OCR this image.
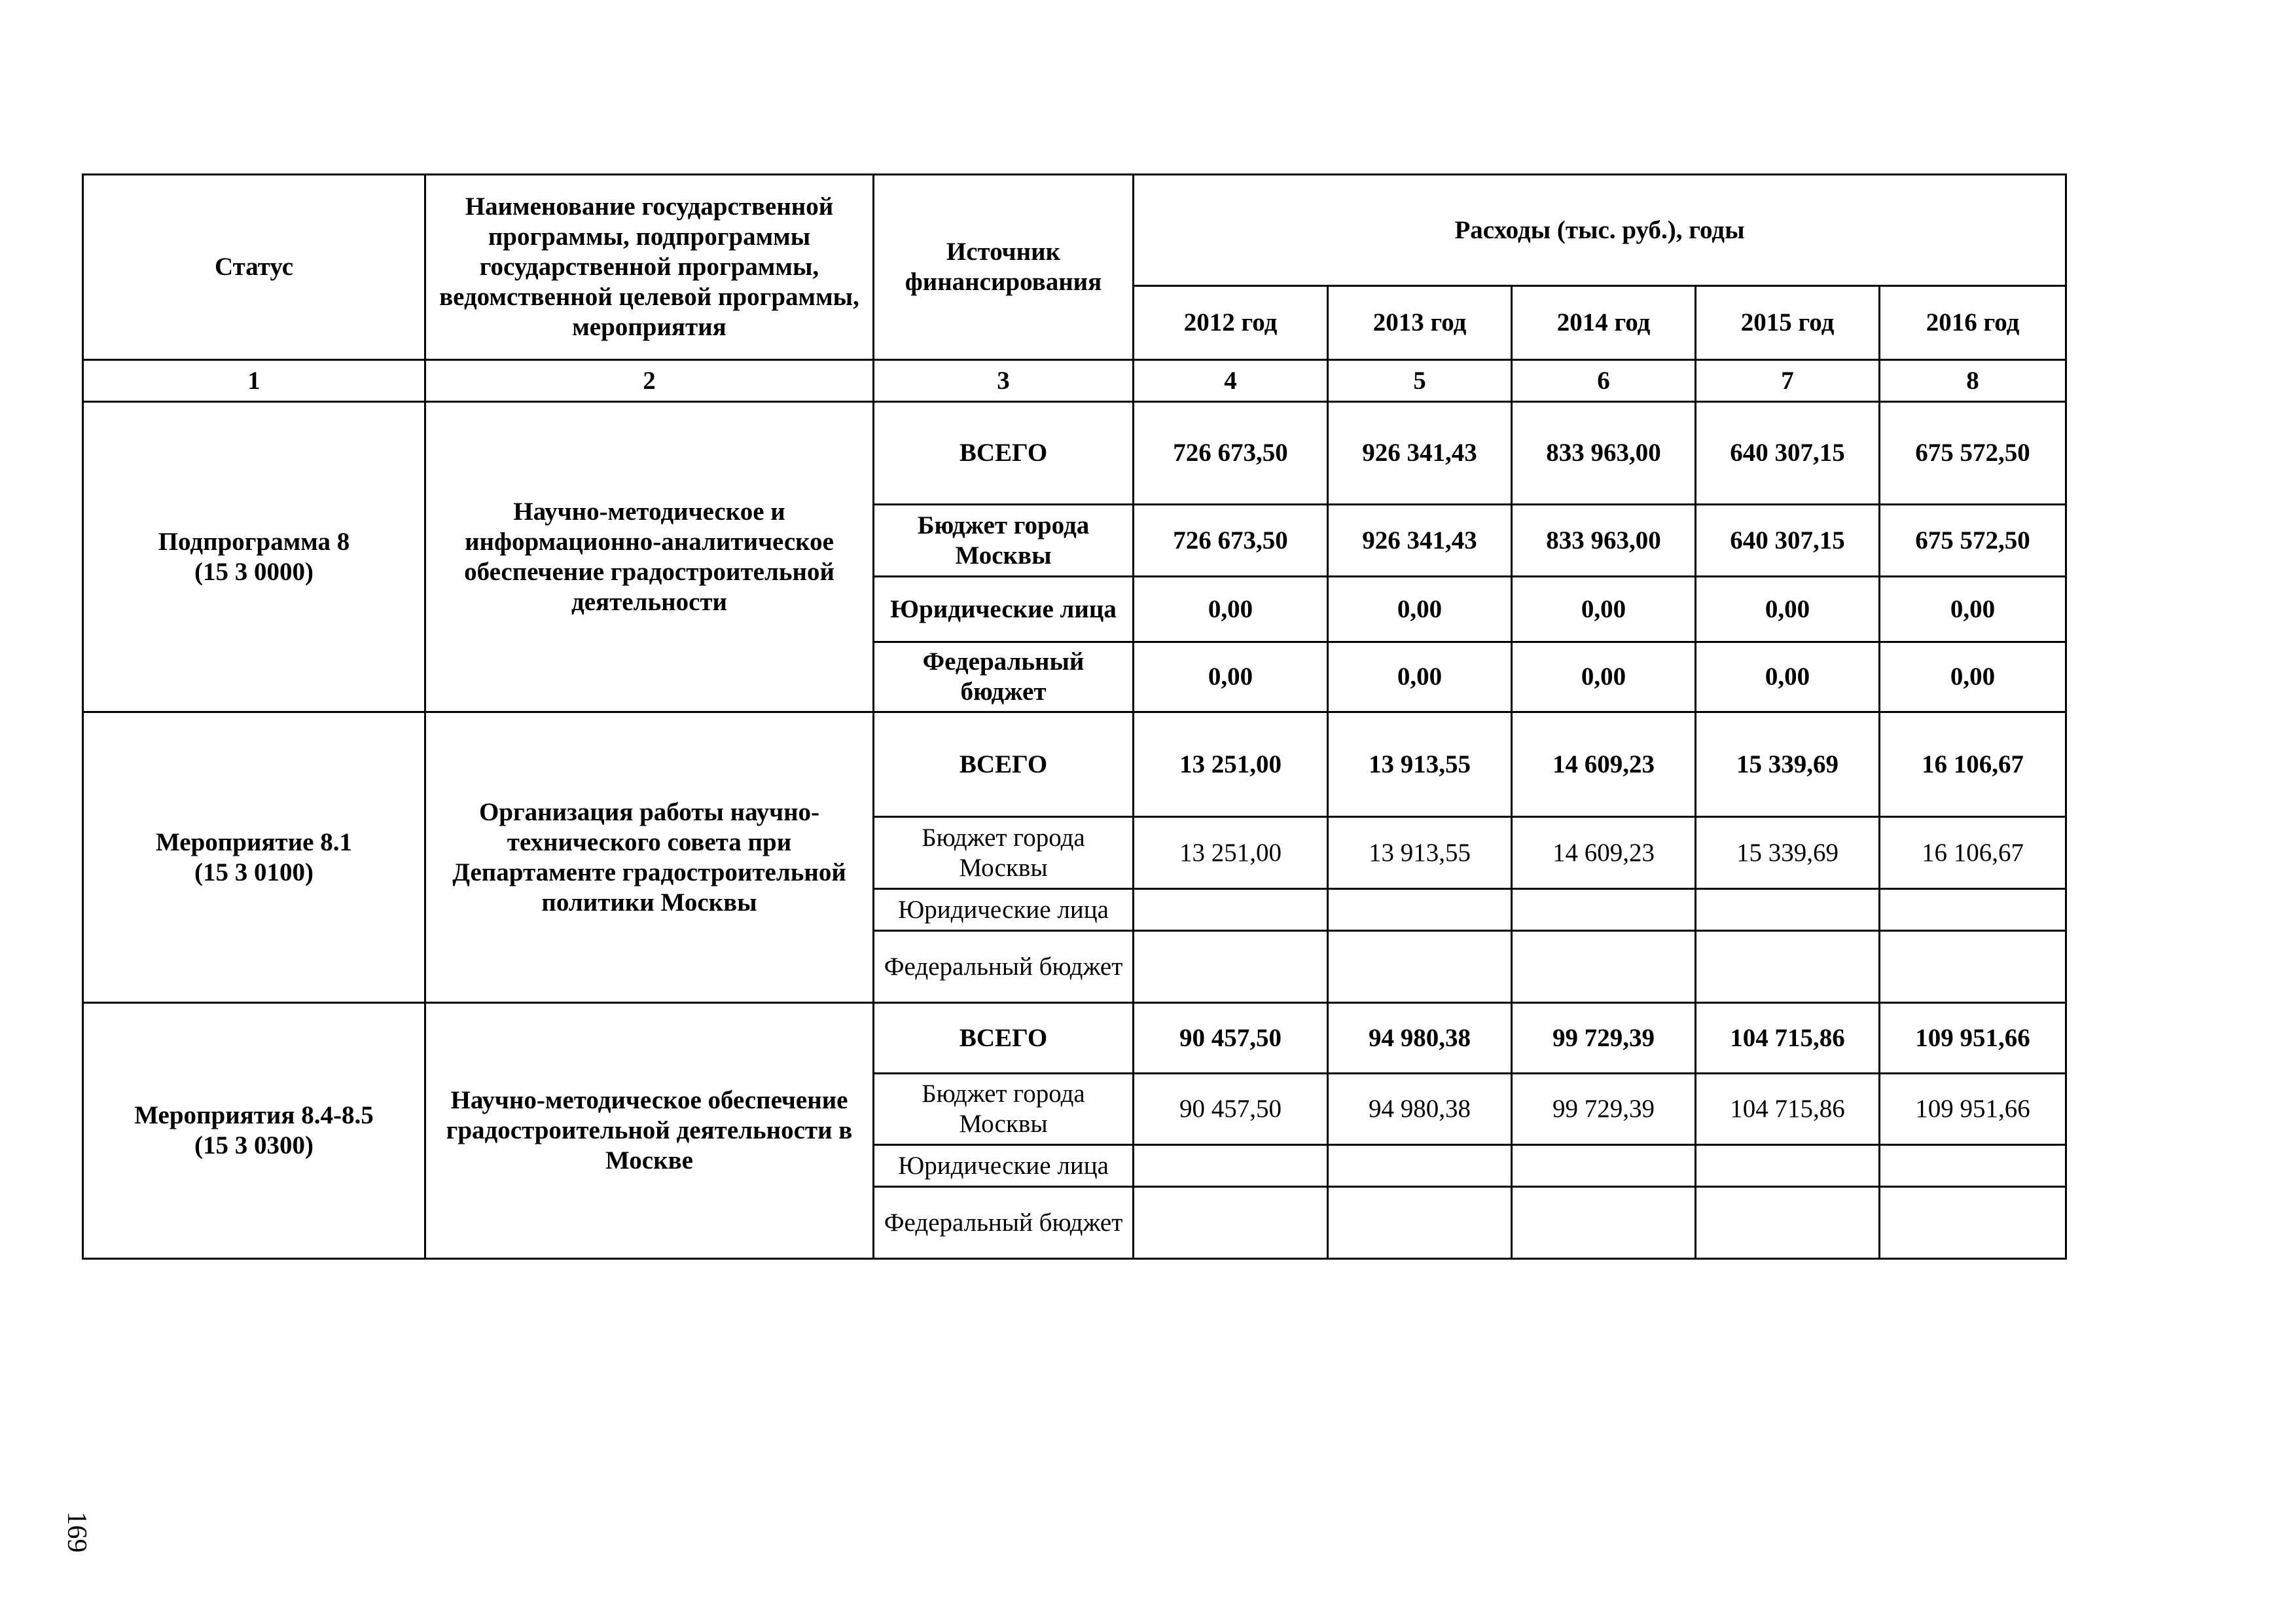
Статус	Наименование государственной программы, подпрограммы государственной программы, ведомственной целевой программы, мероприятия	Источник финансирования	Расходы (тыс. руб.), годы				
			2012 год	2013 год	2014 год	2015 год	2016 год
1	2	3	4	5	6	7	8
Подпрограмма 8
(15 3 0000)	Научно-методическое и информационно-аналитическое обеспечение градостроительной деятельности	ВСЕГО	726 673,50	926 341,43	833 963,00	640 307,15	675 572,50
		Бюджет города Москвы	726 673,50	926 341,43	833 963,00	640 307,15	675 572,50
		Юридические лица	0,00	0,00	0,00	0,00	0,00
		Федеральный бюджет	0,00	0,00	0,00	0,00	0,00
Мероприятие 8.1
(15 3 0100)	Организация работы научно-технического совета при Департаменте градостроительной политики Москвы	ВСЕГО	13 251,00	13 913,55	14 609,23	15 339,69	16 106,67
		Бюджет города Москвы	13 251,00	13 913,55	14 609,23	15 339,69	16 106,67
		Юридические лица					
		Федеральный бюджет					
Мероприятия 8.4-8.5
(15 3 0300)	Научно-методическое обеспечение градостроительной деятельности в Москве	ВСЕГО	90 457,50	94 980,38	99 729,39	104 715,86	109 951,66
		Бюджет города Москвы	90 457,50	94 980,38	99 729,39	104 715,86	109 951,66
		Юридические лица					
		Федеральный бюджет					
169
